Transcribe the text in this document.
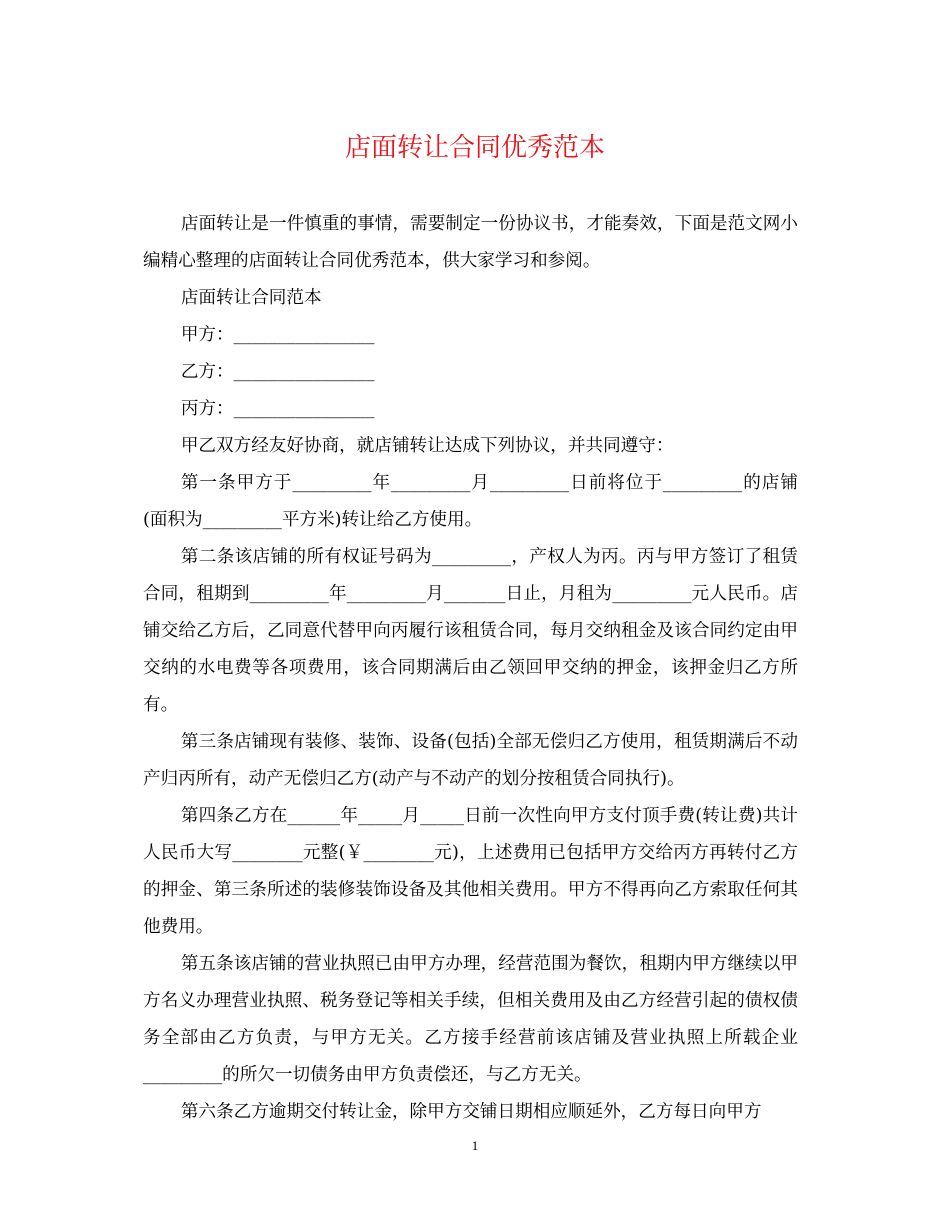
店面转让合同优秀范本

店面转让是一件慎重的事情，需要制定一份协议书，才能奏效，下面是范文网小编精心整理的店面转让合同优秀范本，供大家学习和参阅。

店面转让合同范本

甲方：________________

乙方：________________

丙方：________________

甲乙双方经友好协商，就店铺转让达成下列协议，并共同遵守：

第一条甲方于_________年_________月_________日前将位于_________的店铺(面积为_________平方米)转让给乙方使用。

第二条该店铺的所有权证号码为_________，产权人为丙。丙与甲方签订了租赁合同，租期到_________年_________月_______日止，月租为_________元人民币。店铺交给乙方后，乙同意代替甲向丙履行该租赁合同，每月交纳租金及该合同约定由甲交纳的水电费等各项费用，该合同期满后由乙领回甲交纳的押金，该押金归乙方所有。

第三条店铺现有装修、装饰、设备(包括)全部无偿归乙方使用，租赁期满后不动产归丙所有，动产无偿归乙方(动产与不动产的划分按租赁合同执行)。

第四条乙方在______年_____月_____日前一次性向甲方支付顶手费(转让费)共计人民币大写________元整(￥________元)，上述费用已包括甲方交给丙方再转付乙方的押金、第三条所述的装修装饰设备及其他相关费用。甲方不得再向乙方索取任何其他费用。

第五条该店铺的营业执照已由甲方办理，经营范围为餐饮，租期内甲方继续以甲方名义办理营业执照、税务登记等相关手续，但相关费用及由乙方经营引起的债权债务全部由乙方负责，与甲方无关。乙方接手经营前该店铺及营业执照上所载企业_________的所欠一切债务由甲方负责偿还，与乙方无关。

第六条乙方逾期交付转让金，除甲方交铺日期相应顺延外，乙方每日向甲方

1
